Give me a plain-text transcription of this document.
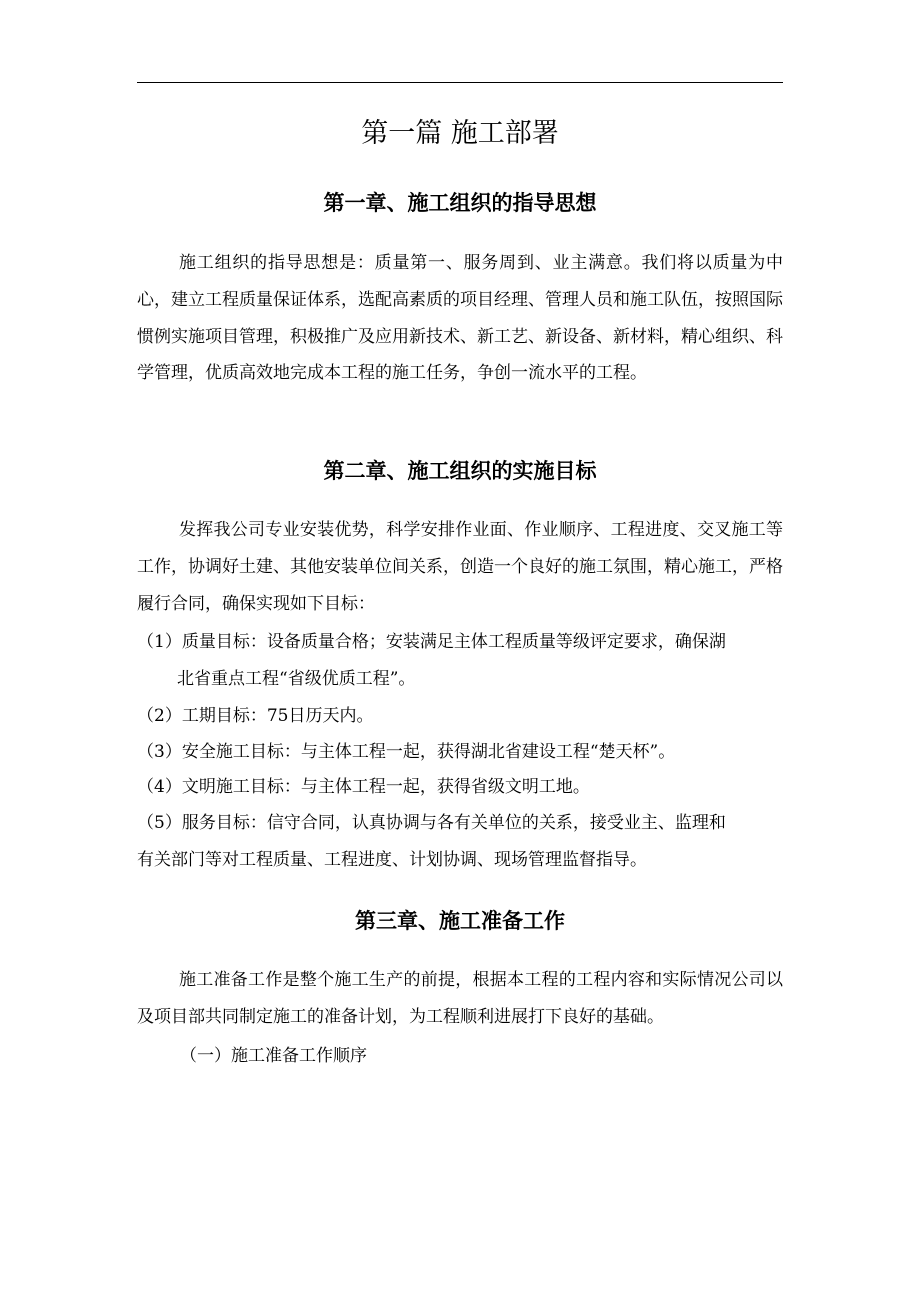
第一篇 施工部署
第一章、施工组织的指导思想

施工组织的指导思想是：质量第一、服务周到、业主满意。我们将以质量为中心，建立工程质量保证体系，选配高素质的项目经理、管理人员和施工队伍，按照国际惯例实施项目管理，积极推广及应用新技术、新工艺、新设备、新材料，精心组织、科学管理，优质高效地完成本工程的施工任务，争创一流水平的工程。

第二章、施工组织的实施目标

发挥我公司专业安装优势，科学安排作业面、作业顺序、工程进度、交叉施工等工作，协调好土建、其他安装单位间关系，创造一个良好的施工氛围，精心施工，严格履行合同，确保实现如下目标：

（1）质量目标：设备质量合格；安装满足主体工程质量等级评定要求，确保湖
北省重点工程“省级优质工程”。
（2）工期目标：75日历天内。
（3）安全施工目标：与主体工程一起，获得湖北省建设工程“楚天杯”。
（4）文明施工目标：与主体工程一起，获得省级文明工地。
（5）服务目标：信守合同，认真协调与各有关单位的关系，接受业主、监理和
有关部门等对工程质量、工程进度、计划协调、现场管理监督指导。
第三章、施工准备工作

施工准备工作是整个施工生产的前提，根据本工程的工程内容和实际情况公司以及项目部共同制定施工的准备计划，为工程顺利进展打下良好的基础。

（一）施工准备工作顺序
